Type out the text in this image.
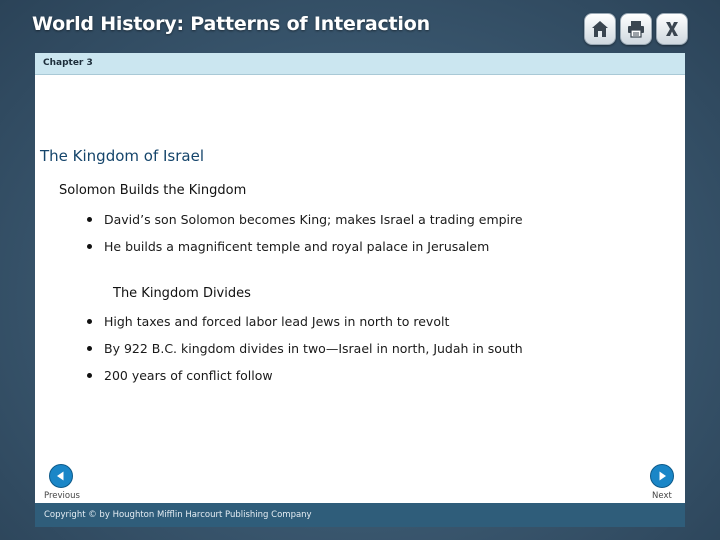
World History: Patterns of Interaction
Chapter 3
The Kingdom of Israel
Solomon Builds the Kingdom
David’s son Solomon becomes King; makes Israel a trading empire
He builds a magnificent temple and royal palace in Jerusalem
The Kingdom Divides
High taxes and forced labor lead Jews in north to revolt
By 922 B.C. kingdom divides in two—Israel in north, Judah in south
200 years of conflict follow
Previous	Next
Copyright © by Houghton Mifflin Harcourt Publishing Company
